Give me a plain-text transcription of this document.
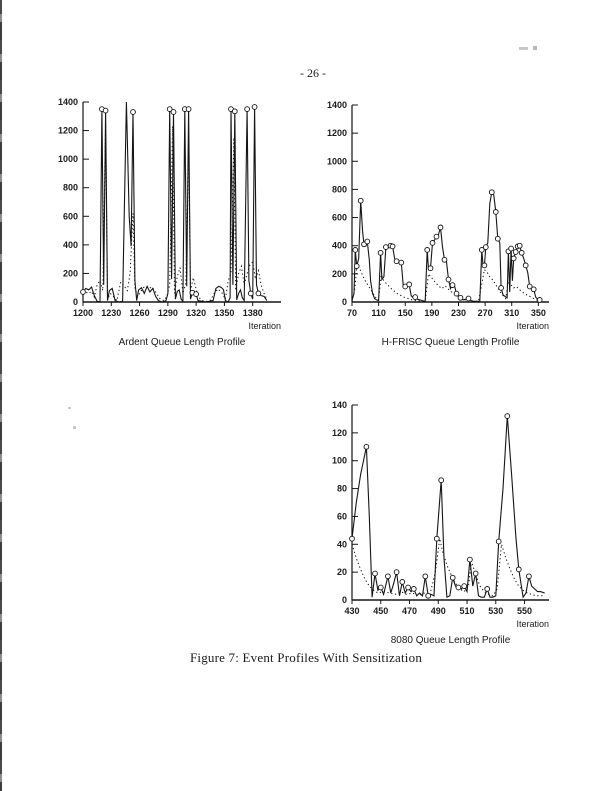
- 26 -
0
200
400
600
800
1000
1200
1400
1200 1230 1260 1290 1320 1350 1380
Iteration
Ardent Queue Length Profile
0
200
400
600
800
1000
1200
1400
70 110 150 190 230 270 310 350
Iteration
H-FRISC Queue Length Profile
0
20
40
60
80
100
120
140
430 450 470 490 510 530 550
Iteration
8080 Queue Length Profile
Figure 7: Event Profiles With Sensitization
